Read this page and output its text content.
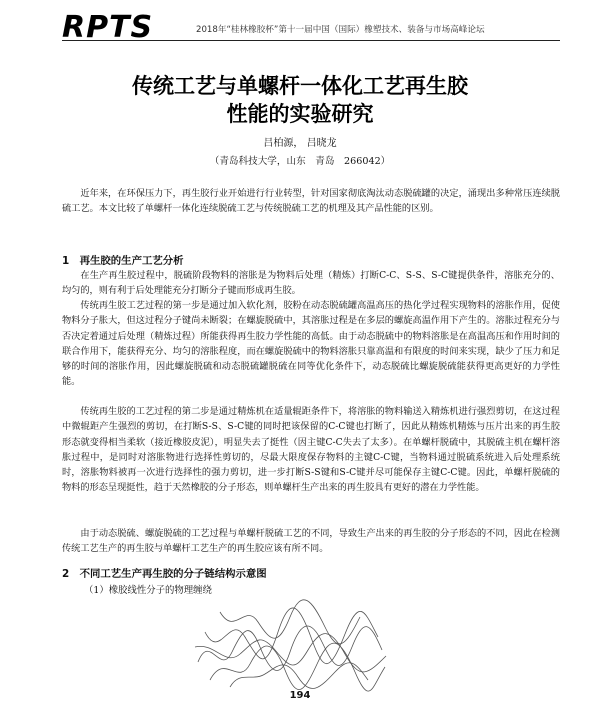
RPTS	2018年“桂林橡胶杯”第十一届中国（国际）橡塑技术、装备与市场高峰论坛
传统工艺与单螺杆一体化工艺再生胶
性能的实验研究
吕柏源， 吕晓龙
（青岛科技大学，山东　青岛　266042）

近年来，在环保压力下，再生胶行业开始进行行业转型，针对国家彻底淘汰动态脱硫罐的决定，涌现出多种常压连续脱硫工艺。本文比较了单螺杆一体化连续脱硫工艺与传统脱硫工艺的机理及其产品性能的区别。

1　再生胶的生产工艺分析

在生产再生胶过程中，脱硫阶段物料的溶胀是为物料后处理（精炼）打断C-C、S-S、S-C键提供条件，溶胀充分的、均匀的，则有利于后处理能充分打断分子键而形成再生胶。

传统再生胶工艺过程的第一步是通过加入软化剂，胶粉在动态脱硫罐高温高压的热化学过程实现物料的溶胀作用，促使物料分子胀大，但这过程分子键尚未断裂；在螺旋脱硫中，其溶胀过程是在多层的螺旋高温作用下产生的。溶胀过程充分与否决定着通过后处理（精炼过程）所能获得再生胶力学性能的高低。由于动态脱硫中的物料溶胀是在高温高压和作用时间的联合作用下，能获得充分、均匀的溶胀程度，而在螺旋脱硫中的物料溶胀只靠高温和有限度的时间来实现，缺少了压力和足够的时间的溶胀作用，因此螺旋脱硫和动态脱硫罐脱硫在同等优化条件下，动态脱硫比螺旋脱硫能获得更高更好的力学性能。

传统再生胶的工艺过程的第二步是通过精炼机在适量辊距条件下，将溶胀的物料输送入精炼机进行强烈剪切，在这过程中微辊距产生强烈的剪切，在打断S-S、S-C键的同时把该保留的C-C键也打断了，因此从精炼机精炼与压片出来的再生胶形态就变得相当柔软（接近橡胶皮泥），明显失去了挺性（因主键C-C失去了太多）。在单螺杆脱硫中，其脱硫主机在螺杆溶胀过程中，是同时对溶胀物进行选择性剪切的，尽最大限度保存物料的主键C-C键，当物料通过脱硫系统进入后处理系统时，溶胀物料被再一次进行选择性的强力剪切，进一步打断S-S键和S-C键并尽可能保存主键C-C键。因此，单螺杆脱硫的物料的形态呈现挺性，趋于天然橡胶的分子形态，则单螺杆生产出来的再生胶具有更好的潜在力学性能。

由于动态脱硫、螺旋脱硫的工艺过程与单螺杆脱硫工艺的不同，导致生产出来的再生胶的分子形态的不同，因此在检测传统工艺生产的再生胶与单螺杆工艺生产的再生胶应该有所不同。

2　不同工艺生产再生胶的分子链结构示意图
（1）橡胶线性分子的物理缠绕
194
